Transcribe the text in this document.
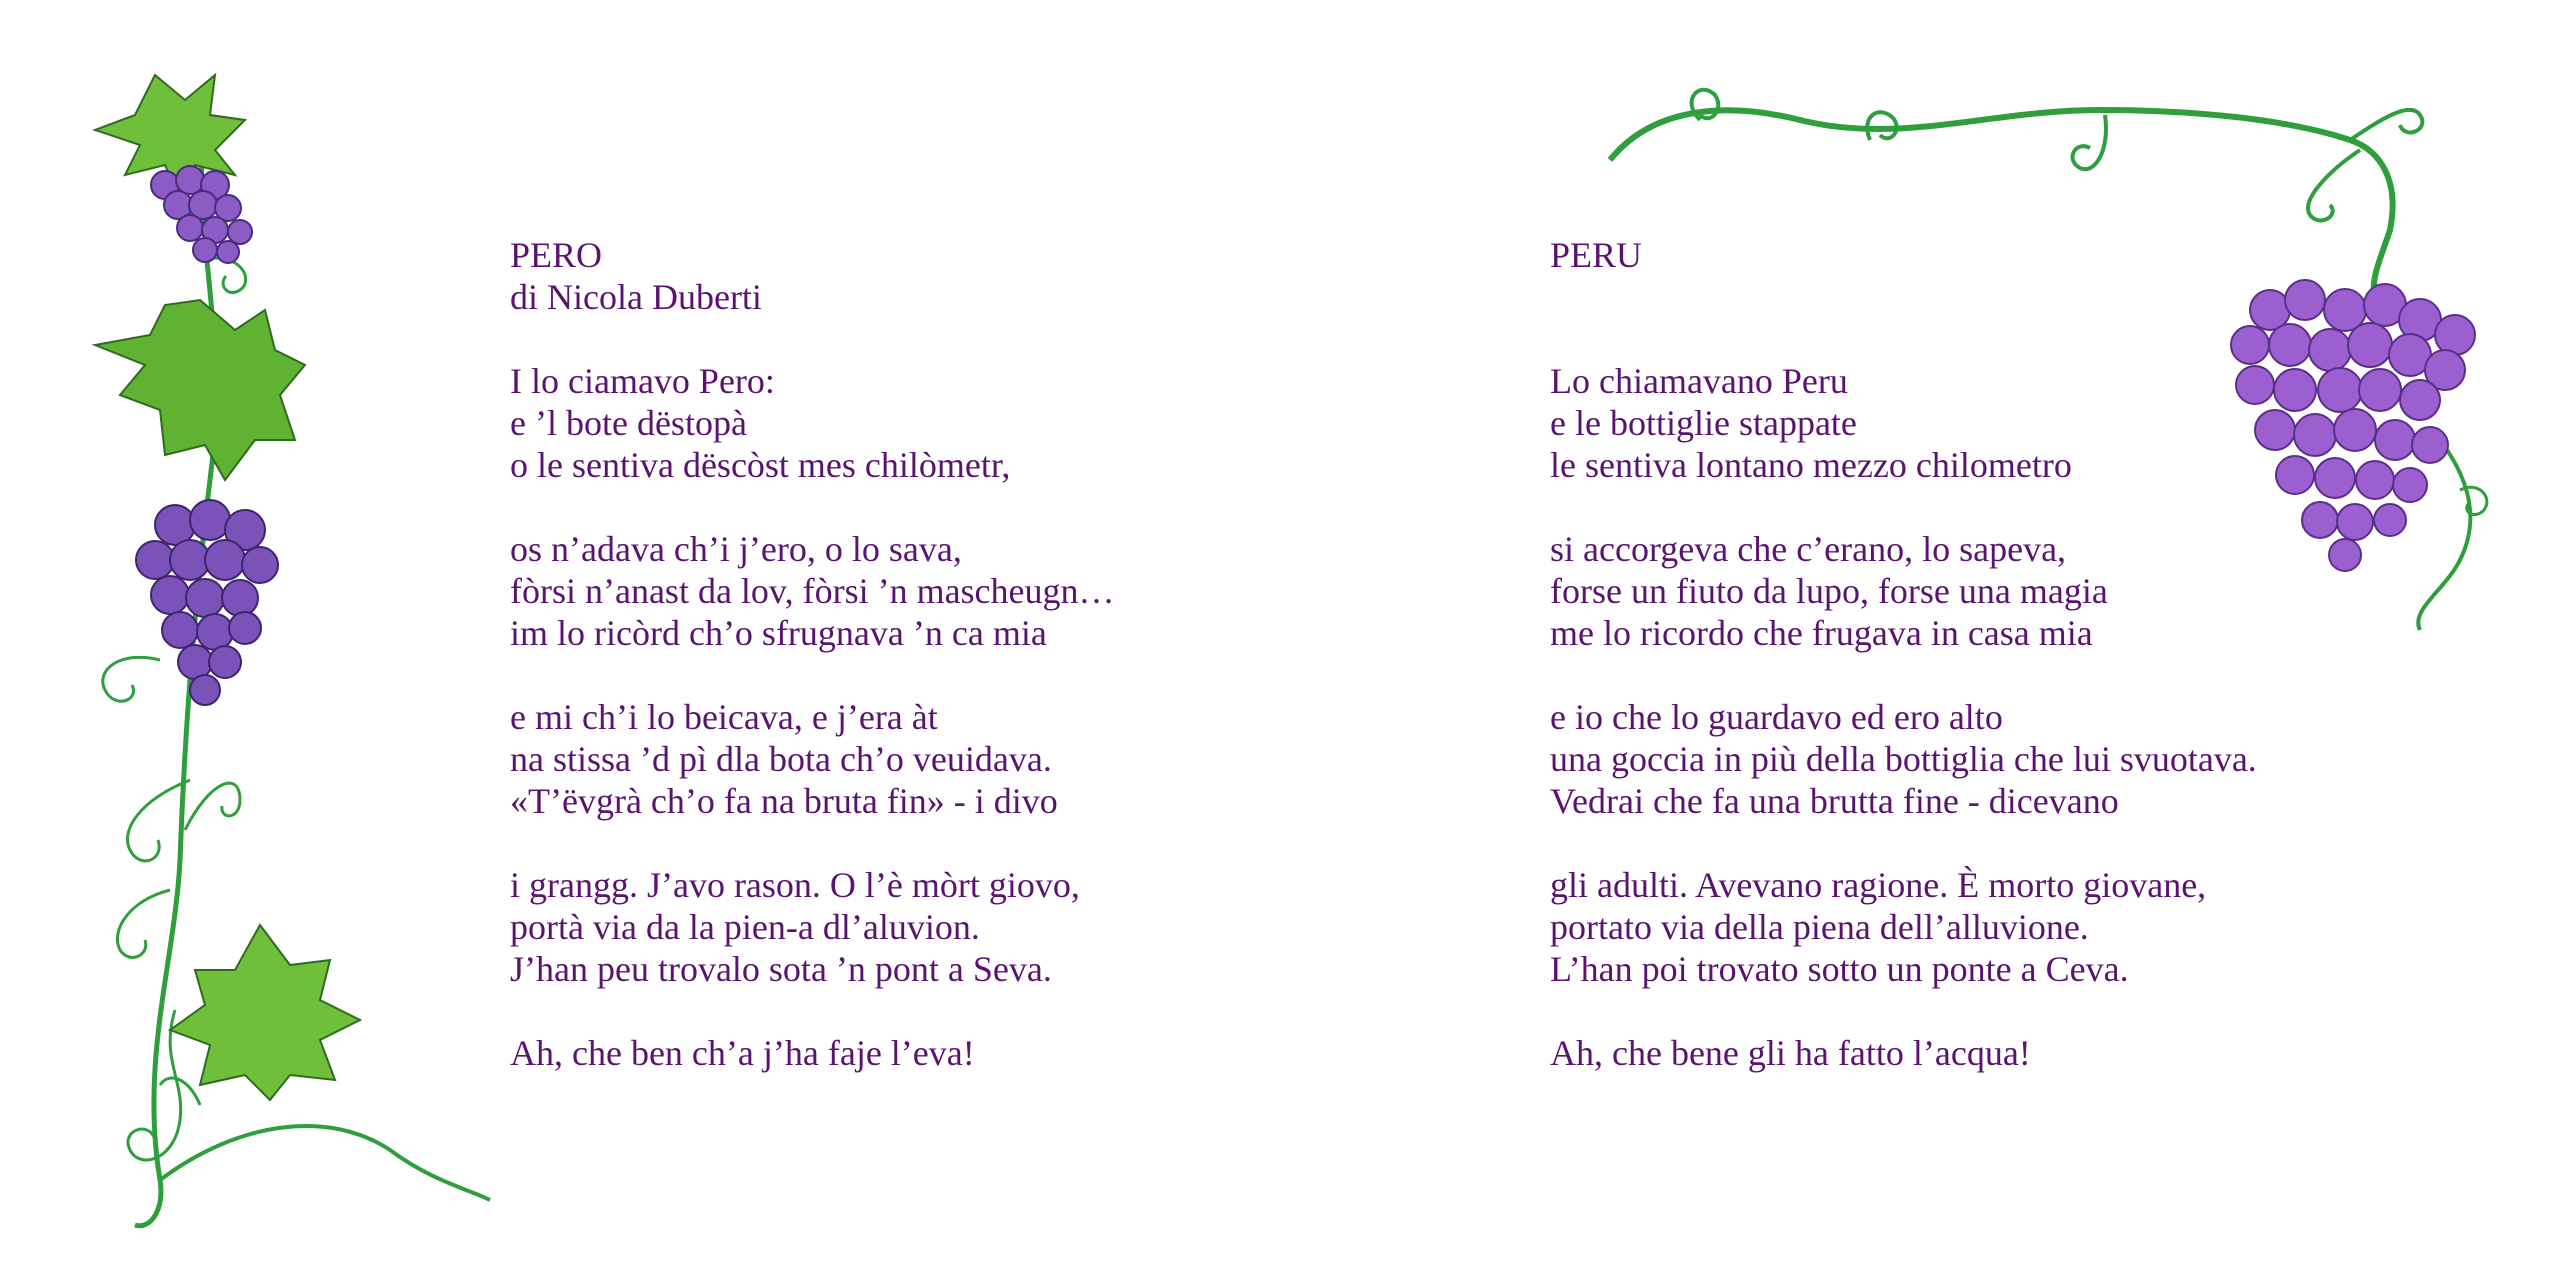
PERO
di Nicola Duberti
I lo ciamavo Pero:
e ’l bote dëstopà
o le sentiva dëscòst mes chilòmetr,
os n’adava ch’i j’ero, o lo sava,
fòrsi n’anast da lov, fòrsi ’n mascheugn…
im lo ricòrd ch’o sfrugnava ’n ca mia
e mi ch’i lo beicava, e j’era àt
na stissa ’d pì dla bota ch’o veuidava.
«T’ëvgrà ch’o fa na bruta fin» - i divo
i grangg. J’avo rason. O l’è mòrt giovo,
portà via da la pien-a dl’aluvion.
J’han peu trovalo sota ’n pont a Seva.
Ah, che ben ch’a j’ha faje l’eva!
PERU
Lo chiamavano Peru
e le bottiglie stappate
le sentiva lontano mezzo chilometro
si accorgeva che c’erano, lo sapeva,
forse un fiuto da lupo, forse una magia
me lo ricordo che frugava in casa mia
e io che lo guardavo ed ero alto
una goccia in più della bottiglia che lui svuotava.
Vedrai che fa una brutta fine - dicevano
gli adulti. Avevano ragione. È morto giovane,
portato via della piena dell’alluvione.
L’han poi trovato sotto un ponte a Ceva.
Ah, che bene gli ha fatto l’acqua!
